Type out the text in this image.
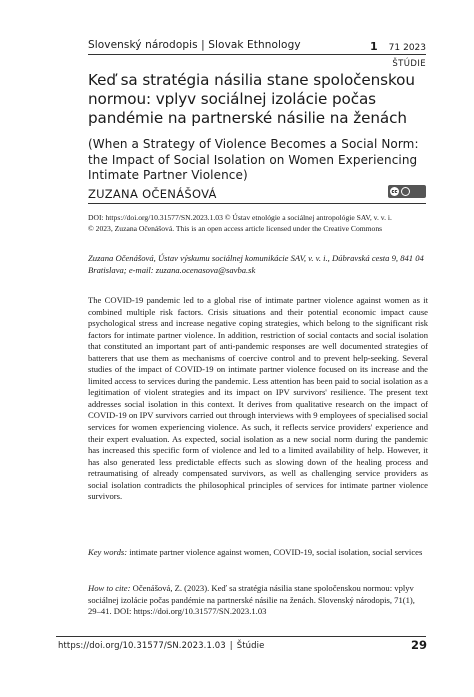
Slovenský národopis | Slovak Ethnology	1 71 2023
ŠTÚDIE
Keď sa stratégia násilia stane spoločenskou normou: vplyv sociálnej izolácie počas pandémie na partnerské násilie na ženách
(When a Strategy of Violence Becomes a Social Norm: the Impact of Social Isolation on Women Experiencing Intimate Partner Violence)
ZUZANA OČENÁŠOVÁ	cc
DOI: https://doi.org/10.31577/SN.2023.1.03 © Ústav etnológie a sociálnej antropológie SAV, v. v. i.
© 2023, Zuzana Očenášová. This is an open access article licensed under the Creative Commons
Zuzana Očenášová, Ústav výskumu sociálnej komunikácie SAV, v. v. i., Dúbravská cesta 9, 841 04 Bratislava; e-mail: zuzana.ocenasova@savba.sk
The COVID-19 pandemic led to a global rise of intimate partner violence against women as it combined multiple risk factors. Crisis situations and their potential economic impact cause psychological stress and increase negative coping strategies, which belong to the significant risk factors for intimate partner violence. In addition, restriction of social contacts and social isolation that constituted an important part of anti-pandemic responses are well documented strategies of batterers that use them as mechanisms of coercive control and to prevent help-seeking. Several studies of the impact of COVID-19 on intimate partner violence focused on its increase and the limited access to services during the pandemic. Less attention has been paid to social isolation as a legitimation of violent strategies and its impact on IPV survivors' resilience. The present text addresses social isolation in this context. It derives from qualitative research on the impact of COVID-19 on IPV survivors carried out through interviews with 9 employees of specialised social services for women experiencing violence. As such, it reflects service providers' experience and their expert evaluation. As expected, social isolation as a new social norm during the pandemic has increased this specific form of violence and led to a limited availability of help. However, it has also generated less predictable effects such as slowing down of the healing process and retraumatising of already compensated survivors, as well as challenging service providers as social isolation contradicts the philosophical principles of services for intimate partner violence survivors.
Key words: intimate partner violence against women, COVID-19, social isolation, social services
How to cite: Očenášová, Z. (2023). Keď sa stratégia násilia stane spoločenskou normou: vplyv sociálnej izolácie počas pandémie na partnerské násilie na ženách. Slovenský národopis, 71(1), 29–41. DOI: https://doi.org/10.31577/SN.2023.1.03
https://doi.org/10.31577/SN.2023.1.03 | Štúdie	29
